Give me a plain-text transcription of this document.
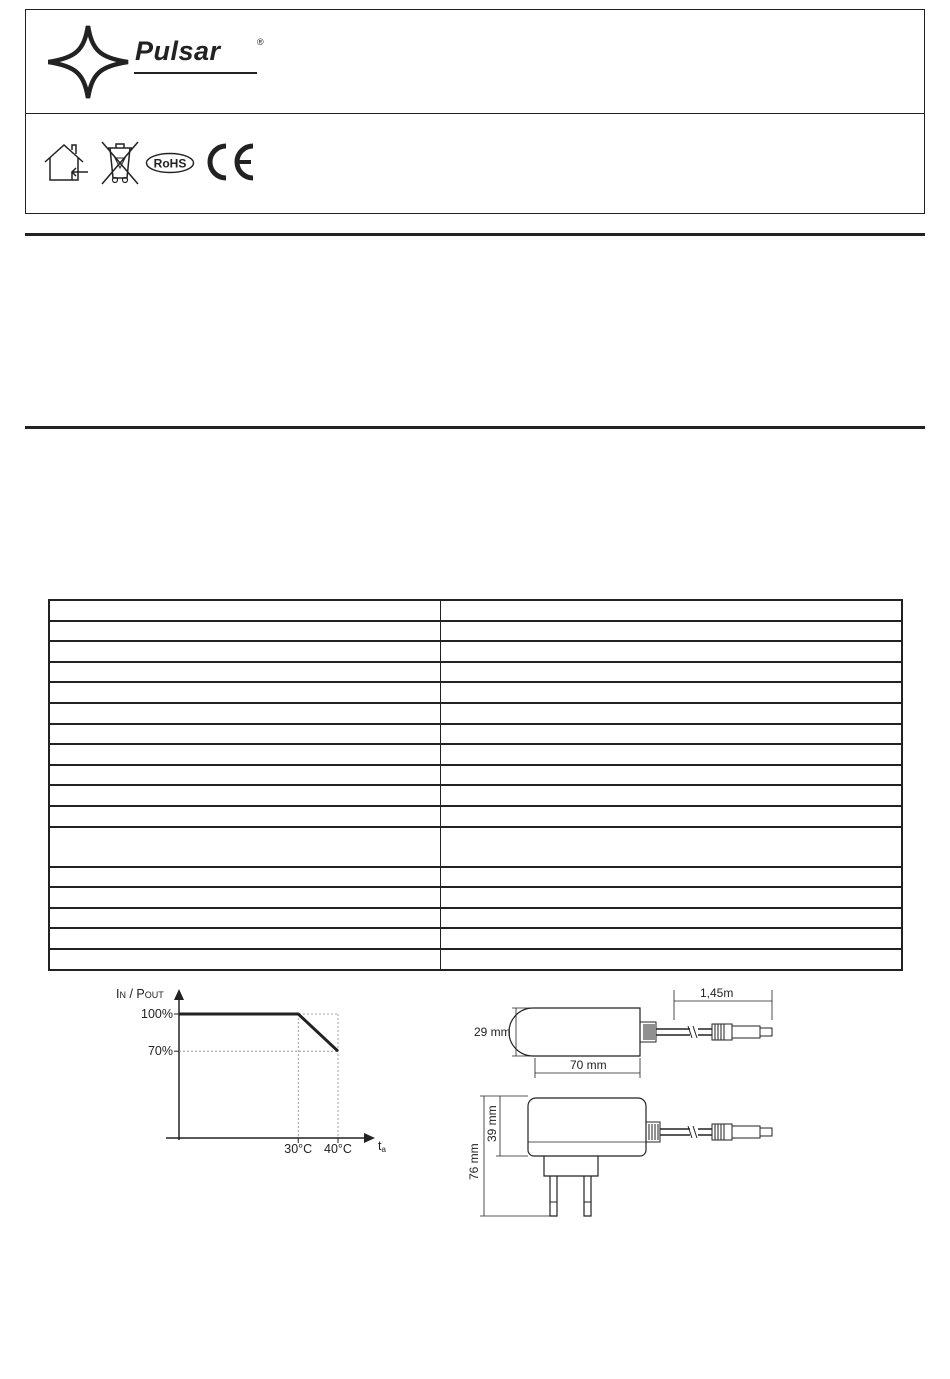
Pulsar	®
RoHS

IN / POUT
ta
100%
70%
30°C 40°C
1,45m
29 mm
70 mm
39 mm
76 mm
